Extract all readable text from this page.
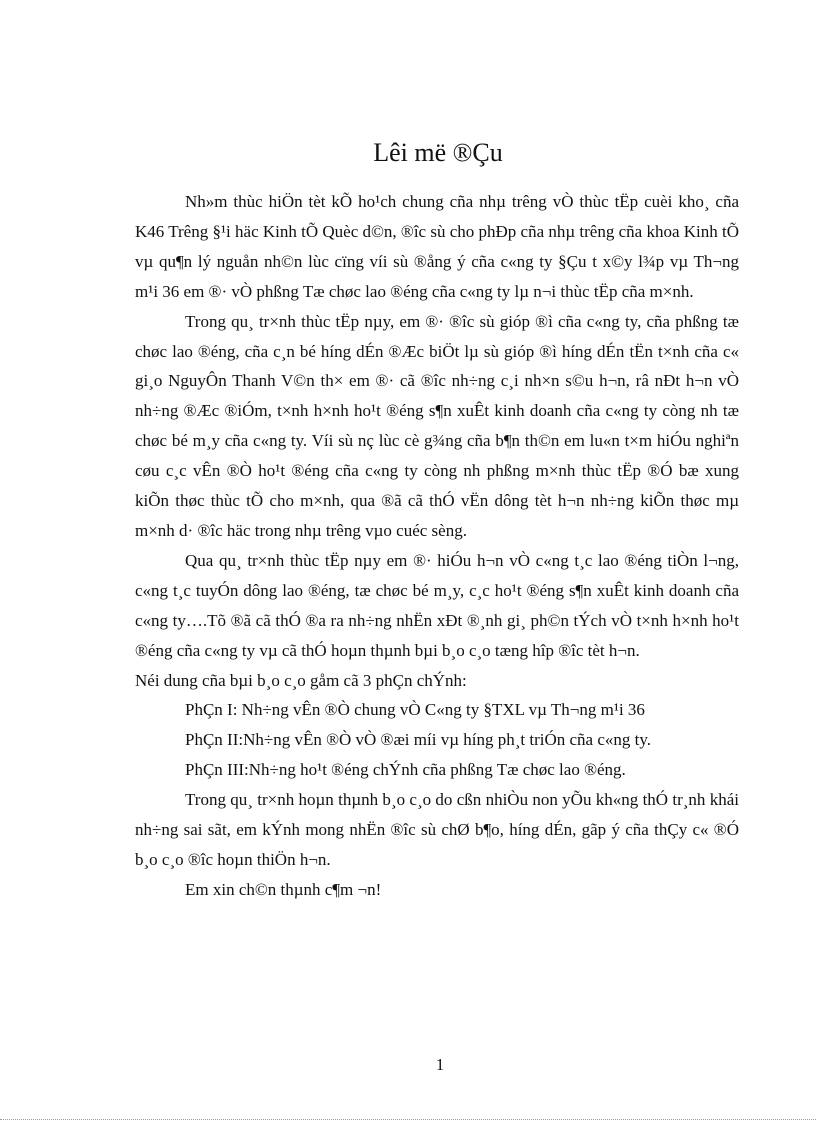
Lêi më ®Çu

Nh»m thùc hiÖn tèt kÕ ho¹ch chung cña nhµ trêng vÒ thùc tËp cuèi kho¸ cña K46 Trêng §¹i häc Kinh tÕ Quèc d©n, ®îc sù cho phÐp cña nhµ trêng cña khoa Kinh tÕ vµ qu¶n lý nguån nh©n lùc cïng víi sù ®ång ý cña c«ng ty §Çu t x©y l¾p vµ Th¬ng m¹i 36 em ®· vÒ phßng Tæ chøc lao ®éng cña c«ng ty lµ n¬i thùc tËp cña m×nh.

Trong qu¸ tr×nh thùc tËp nµy, em ®· ®îc sù gióp ®ì cña c«ng ty, cña phßng tæ chøc lao ®éng, cña c¸n bé híng dÉn ®Æc biÖt lµ sù gióp ®ì híng dÉn tËn t×nh cña c« gi¸o NguyÔn Thanh V©n th× em ®· cã ®îc nh÷ng c¸i nh×n s©u h¬n, râ nÐt h¬n vÒ nh÷ng ®Æc ®iÓm, t×nh h×nh ho¹t ®éng s¶n xuÊt kinh doanh cña c«ng ty còng nh tæ chøc bé m¸y cña c«ng ty. Víi sù nç lùc cè g¾ng cña b¶n th©n em lu«n t×m hiÓu nghiªn cøu c¸c vÊn ®Ò ho¹t ®éng cña c«ng ty còng nh phßng m×nh thùc tËp ®Ó bæ xung kiÕn thøc thùc tÕ cho m×nh, qua ®ã cã thÓ vËn dông tèt h¬n nh÷ng kiÕn thøc mµ m×nh d· ®îc häc trong nhµ trêng vµo cuéc sèng.

Qua qu¸ tr×nh thùc tËp nµy em ®· hiÓu h¬n vÒ c«ng t¸c lao ®éng tiÒn l¬ng, c«ng t¸c tuyÓn dông lao ®éng, tæ chøc bé m¸y, c¸c ho¹t ®éng s¶n xuÊt kinh doanh cña c«ng ty….Tõ ®ã cã thÓ ®a ra nh÷ng nhËn xÐt ®¸nh gi¸ ph©n tÝch vÒ t×nh h×nh ho¹t ®éng cña c«ng ty vµ cã thÓ hoµn thµnh bµi b¸o c¸o tæng hîp ®îc tèt h¬n.

Néi dung cña bµi b¸o c¸o gåm cã 3 phÇn chÝnh:

PhÇn I: Nh÷ng vÊn ®Ò chung vÒ C«ng ty §TXL vµ Th¬ng m¹i 36

PhÇn II:Nh÷ng vÊn ®Ò vÒ ®æi míi vµ híng ph¸t triÓn cña c«ng ty.

PhÇn III:Nh÷ng ho¹t ®éng chÝnh cña phßng Tæ chøc lao ®éng.

Trong qu¸ tr×nh hoµn thµnh b¸o c¸o do cßn nhiÒu non yÕu kh«ng thÓ tr¸nh khái nh÷ng sai sãt, em kÝnh mong nhËn ®îc sù chØ b¶o, híng dÉn, gãp ý cña thÇy c« ®Ó b¸o c¸o ®îc hoµn thiÖn h¬n.

Em xin ch©n thµnh c¶m ¬n!

1
